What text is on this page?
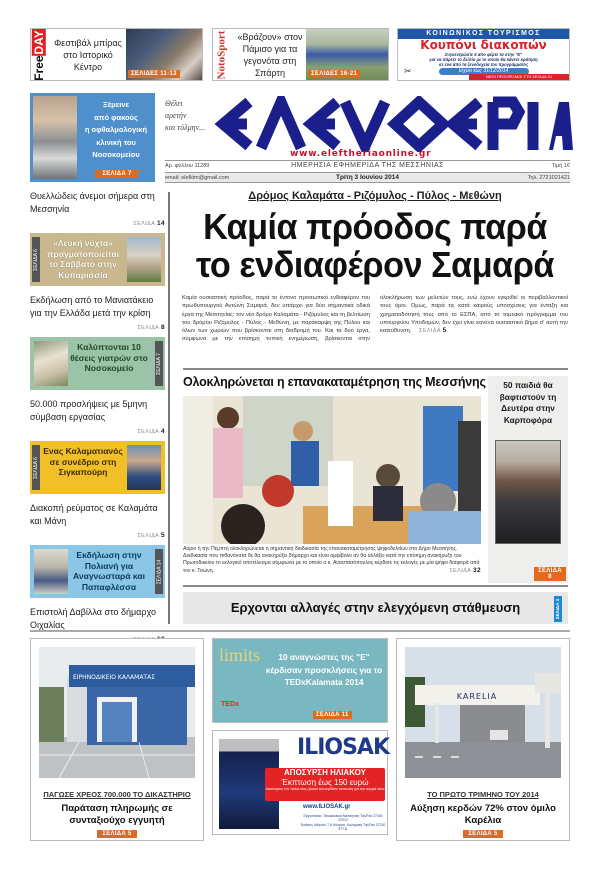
FreeDAY Φεστιβάλ μπίρας στο Ιστορικό Κέντρο
ΣΕΛΙΔΕΣ 11-13	NotoSport	«Βράζουν» στον Πάμισο για τα γεγονότα στη Σπάρτη	ΣΕΛΙΔΕΣ 16-21
ΚΟΙΝΩΝΙΚΟΣ ΤΟΥΡΙΣΜΟΣ
Κουπόνι διακοπών
Συγκεντρώστε 5 απο φέρτε τα στην "Ε"
για να πάρετε το δελτίο με το οποίο θα κάνετε κράτηση
σε ένα από τα ξενοδοχεία του προγράμματος
Ισχύει έως 31/12/2014
✂
ΝΕΟΙ ΠΡΟΟΡΙΣΜΟΙ ΣΤΗ ΣΕΛΙΔΑ 21
Ξέμεινε
από φακούς
η οφθαλμολογική
κλινική του
Νοσοκομείου
ΣΕΛΙΔΑ 7
Θέλει
αρετήν
και τόλμην...
www.eleftheriaonline.gr
Αρ. φύλλου 11289	ΗΜΕΡΗΣΙΑ ΕΦΗΜΕΡΙΔΑ ΤΗΣ ΜΕΣΣΗΝΙΑΣ	Τιμή 1€
email: elefklm@gmail.com	Τρίτη 3 Ιουνίου 2014	Τηλ. 2721021421
Θυελλώδεις άνεμοι σήμερα στη Μεσσηνία
ΣΕΛΙΔΑ 14
ΣΕΛΙΔΑ 6
«Λευκή νύχτα» πραγματοποιείται το Σάββατο στην Κυπαρισσία
Εκδήλωση από το Μανιατάκειο για την Ελλάδα μετά την κρίση
ΣΕΛΙΔΑ 8
Καλύπτονται 10 θέσεις γιατρών στο Νοσοκομείο	ΣΕΛΙΔΑ 7
50.000 προσλήψεις με 5μηνη σύμβαση εργασίας
ΣΕΛΙΔΑ 4
ΣΕΛΙΔΑ 6
Ενας Καλαματιανός σε συνέδριο στη Σιγκαπούρη
Διακοπή ρεύματος σε Καλαμάτα και Μάνη
ΣΕΛΙΔΑ 5
Εκδήλωση στην Πολιανή για Αναγνωσταρά και Παπαφλέσσα
ΣΕΛΙΔΑ 14
Επιστολή Δαβίλλα στο δήμαρχο Οιχαλίας
Δρόμος Καλαμάτα - Ριζόμυλος - Πύλος - Μεθώνη
Καμία πρόοδος παρά το ενδιαφέρον Σαμαρά
Καμία ουσιαστική πρόοδος, παρά το έντονο προσωπικό ενδιαφέρον του πρωθυπουργού Αντώνη Σαμαρά, δεν υπάρχει για δύο σημαντικά οδικά έργα της Μεσσηνίας: τον νέο δρόμο Καλαμάτα - Ριζόμυλος και τη βελτίωση του δρόμου Ριζόμυλος - Πύλος - Μεθώνη, με παράκαμψη της Πύλου και όλων των χωριών που βρίσκονται στη διαδρομή του. Και τα δύο έργα, σύμφωνα με την επίσημη τυπική ενημέρωση, βρίσκονται στην ολοκλήρωση των μελετών τους, ενώ έχουν εγκριθεί οι περιβαλλοντικοί τους όροι. Ομως, παρά τις κατά καιρούς υποσχέσεις για ένταξη και χρηματοδότησή τους από το ΕΣΠΑ, από το τομεακό πρόγραμμα του υπουργείου Υποδομών, δεν έχει γίνει κανένα ουσιαστικό βήμα σ' αυτή την κατεύθυνση. ΣΕΛΙΔΑ 5
Ολοκληρώνεται η επανακαταμέτρηση της Μεσσήνης
Αύριο ή την Πέμπτη ολοκληρώνεται η σημαντική διαδικασία της επανακαταμέτρησης ψηφοδελτίων στο Δήμο Μεσσήνης. Διαδικασία που πιθανόνατα δε θα ανακηρύξει δήμαρχο και είναι αμφίβολο αν θα αλλάξει κατά την επίσημη ανακήρυξη του Πρωτοδικείου το εκλογικό αποτέλεσμα σύμφωνα με το οποίο ο κ. Αναστασόπουλος κέρδισε τις εκλογές με μία ψήφο διαφορά από τον κ. Τσώνη.	ΣΕΛΙΔΑ 32
50 παιδιά θα βαφτιστούν τη Δευτέρα στην Καρποφόρα
ΣΕΛΙΔΑ 8
Ερχονται αλλαγές στην ελεγχόμενη στάθμευση	ΣΕΛΙΔΑ 4
ΕΙΡΗΝΟΔΙΚΕΙΟ ΚΑΛΑΜΑΤΑΣ
ΠΑΓΩΣΕ ΧΡΕΟΣ 700.000 ΤΟ ΔΙΚΑΣΤΗΡΙΟ
Παράταση πληρωμής σε συνταξιούχο εγγυητή
ΣΕΛΙΔΑ 5
limits
TEDx
10 αναγνώστες της "Ε" κέρδισαν προσκλήσεις για το TEDxKalamata 2014
ΣΕΛΙΔΑ 11
ILIOSAK
ΑΠΟΣΥΡΣΗ ΗΛΙΑΚΟΥ
Έκπτωση έως 150 ευρώ
Αποσύρετε τον παλιό σας ηλιακό και κερδίστε έκπτωση για την αγορά νέου
www.ILIOSAK.gr
Εργοστάσιο: Τσουκαλέικα Μεσσηνίας Τηλ/Fax 27240 22012
Έκθεση: Αθηνών 7 & Κύπρου, Καλαμάτα Τηλ/Fax 27210 97711
KARELIA
ΤΟ ΠΡΩΤΟ ΤΡΙΜΗΝΟ ΤΟΥ 2014
Αύξηση κερδών 72% στον όμιλο Καρέλια
ΣΕΛΙΔΑ 5
